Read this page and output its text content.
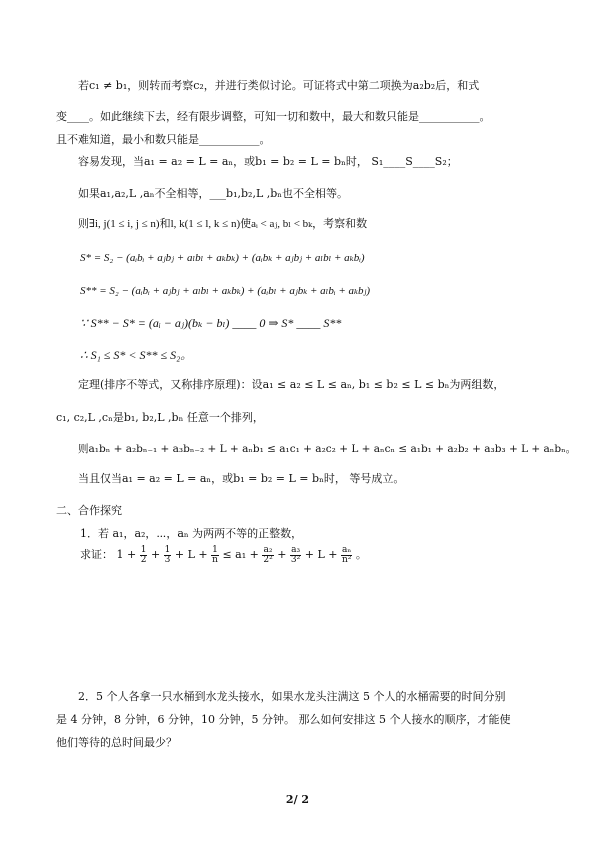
若c₁ ≠ b₁，则转而考察c₂，并进行类似讨论。可证将式中第二项换为a₂b₂后，和式
变____。如此继续下去，经有限步调整，可知一切和数中，最大和数只能是___________。
且不难知道，最小和数只能是___________。
容易发现，当a₁ = a₂ = L = aₙ，或b₁ = b₂ = L = bₙ时， S₁____S____S₂；
如果a₁,a₂,L ,aₙ不全相等，___b₁,b₂,L ,bₙ也不全相等。
则∃i, j(1 ≤ i, j ≤ n)和l, k(1 ≤ l, k ≤ n)使aᵢ < aⱼ, bₗ < bₖ，考察和数
S* = S₂ − (aᵢbᵢ + aⱼbⱼ + aₗbₗ + aₖbₖ) + (aᵢbₖ + aⱼbⱼ + aₗbₗ + aₖbᵢ)
S** = S₂ − (aᵢbᵢ + aⱼbⱼ + aₗbₗ + aₖbₖ) + (aᵢbₗ + aⱼbₖ + aₗbᵢ + aₖbⱼ)
∵ S** − S* = (aᵢ − aⱼ)(bₖ − bₗ) ____ 0 ⇒ S* ____ S**
∴ S₁ ≤ S* < S** ≤ S₂。
定理(排序不等式，又称排序原理)：设a₁ ≤ a₂ ≤ L ≤ aₙ, b₁ ≤ b₂ ≤ L ≤ bₙ为两组数，
c₁, c₂,L ,cₙ是b₁, b₂,L ,bₙ 任意一个排列，
则a₁bₙ + a₂bₙ₋₁ + a₃bₙ₋₂ + L + aₙb₁ ≤ a₁c₁ + a₂c₂ + L + aₙcₙ ≤ a₁b₁ + a₂b₂ + a₃b₃ + L + aₙbₙ。
当且仅当a₁ = a₂ = L = aₙ，或b₁ = b₂ = L = bₙ时， 等号成立。
二、合作探究
1．若 a₁，a₂，⋯，aₙ 为两两不等的正整数，
求证： $1 + \frac{1}{2} + \frac{1}{3} + L + \frac{1}{n} \le a_1 + \frac{\text{a₂}}{\text{2²}} + \frac{\text{a₃}}{\text{3²}} + L + \frac{\text{aₙ}}{\text{n²}}$ 。
2．5 个人各拿一只水桶到水龙头接水，如果水龙头注满这 5 个人的水桶需要的时间分别
是 4 分钟，8 分钟，6 分钟，10 分钟，5 分钟。 那么如何安排这 5 个人接水的顺序，才能使
他们等待的总时间最少？
2/ 2
